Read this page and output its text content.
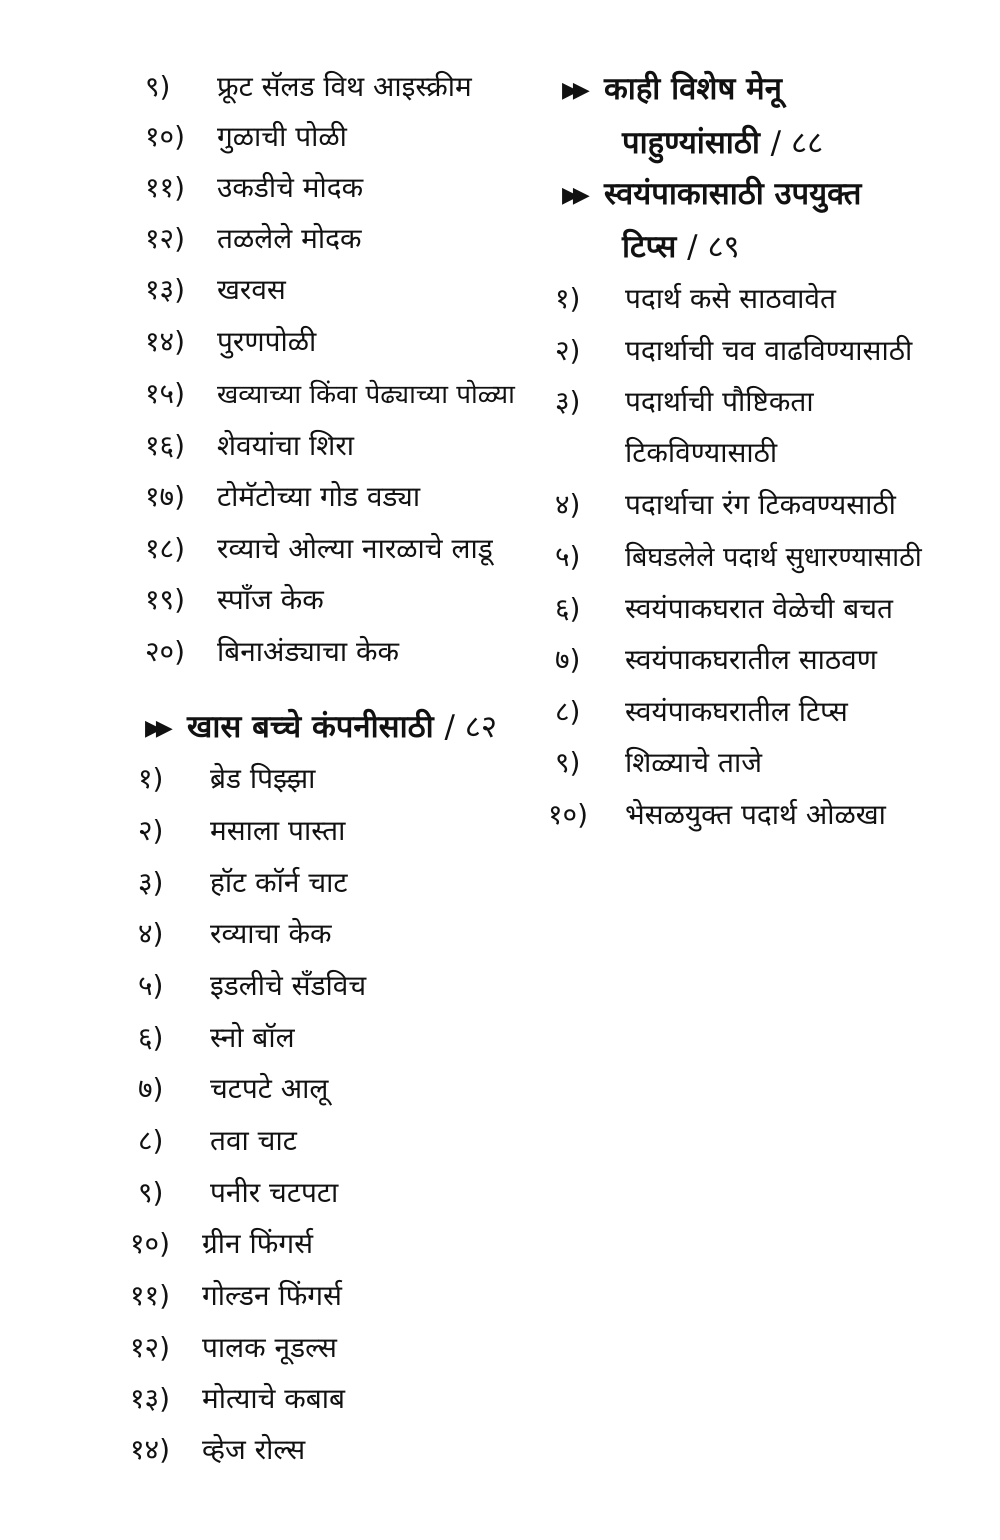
९) फ्रूट सॅलड विथ आइस्क्रीम
१०) गुळाची पोळी
११) उकडीचे मोदक
१२) तळलेले मोदक
१३) खरवस
१४) पुरणपोळी
१५) खव्याच्या किंवा पेढ्याच्या पोळ्या
१६) शेवयांचा शिरा
१७) टोमॅटोच्या गोड वड्या
१८) रव्याचे ओल्या नारळाचे लाडू
१९) स्पाँज केक
२०) बिनाअंड्याचा केक
▶▶ खास बच्चे कंपनीसाठी / ८२
१) ब्रेड पिझ्झा
२) मसाला पास्ता
३) हॉट कॉर्न चाट
४) रव्याचा केक
५) इडलीचे सँडविच
६) स्नो बॉल
७) चटपटे आलू
८) तवा चाट
९) पनीर चटपटा
१०) ग्रीन फिंगर्स
११) गोल्डन फिंगर्स
१२) पालक नूडल्स
१३) मोत्याचे कबाब
१४) व्हेज रोल्स
▶▶ काही विशेष मेनू
पाहुण्यांसाठी / ८८
▶▶ स्वयंपाकासाठी उपयुक्त
टिप्स / ८९
१) पदार्थ कसे साठवावेत
२) पदार्थाची चव वाढविण्यासाठी
३) पदार्थाची पौष्टिकता
टिकविण्यासाठी
४) पदार्थाचा रंग टिकवण्यसाठी
५) बिघडलेले पदार्थ सुधारण्यासाठी
६) स्वयंपाकघरात वेळेची बचत
७) स्वयंपाकघरातील साठवण
८) स्वयंपाकघरातील टिप्स
९) शिळ्याचे ताजे
१०) भेसळयुक्त पदार्थ ओळखा
